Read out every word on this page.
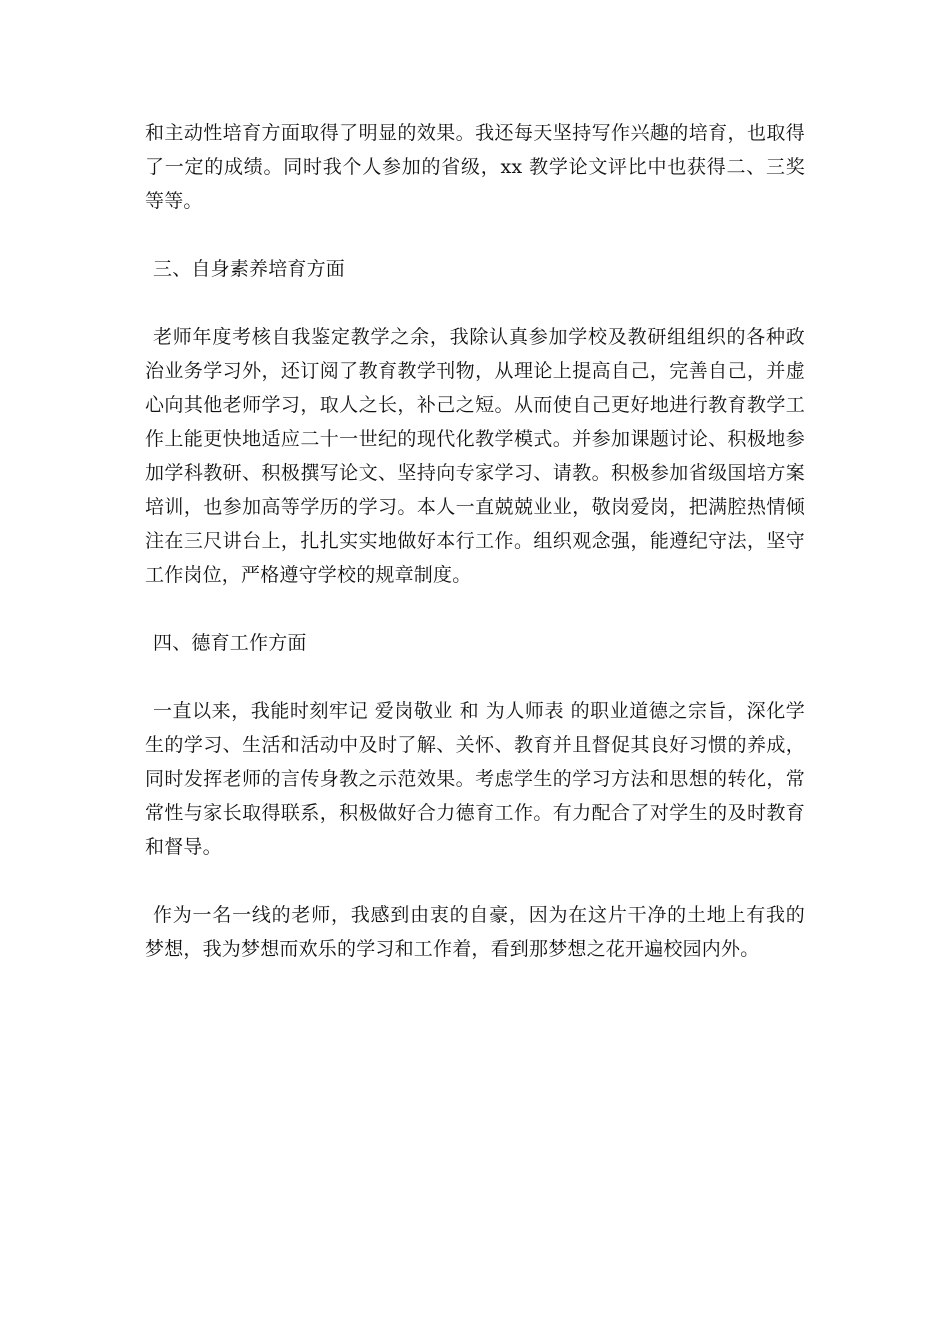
和主动性培育方面取得了明显的效果。我还每天坚持写作兴趣的培育，也取得了一定的成绩。同时我个人参加的省级，xx 教学论文评比中也获得二、三奖等等。

三、自身素养培育方面

老师年度考核自我鉴定教学之余，我除认真参加学校及教研组组织的各种政治业务学习外，还订阅了教育教学刊物，从理论上提高自己，完善自己，并虚心向其他老师学习，取人之长，补己之短。从而使自己更好地进行教育教学工作上能更快地适应二十一世纪的现代化教学模式。并参加课题讨论、积极地参加学科教研、积极撰写论文、坚持向专家学习、请教。积极参加省级国培方案培训，也参加高等学历的学习。本人一直兢兢业业，敬岗爱岗，把满腔热情倾注在三尺讲台上，扎扎实实地做好本行工作。组织观念强，能遵纪守法，坚守工作岗位，严格遵守学校的规章制度。

四、德育工作方面

一直以来，我能时刻牢记 爱岗敬业 和 为人师表 的职业道德之宗旨，深化学生的学习、生活和活动中及时了解、关怀、教育并且督促其良好习惯的养成，同时发挥老师的言传身教之示范效果。考虑学生的学习方法和思想的转化，常常性与家长取得联系，积极做好合力德育工作。有力配合了对学生的及时教育和督导。

作为一名一线的老师，我感到由衷的自豪，因为在这片干净的土地上有我的梦想，我为梦想而欢乐的学习和工作着，看到那梦想之花开遍校园内外。
